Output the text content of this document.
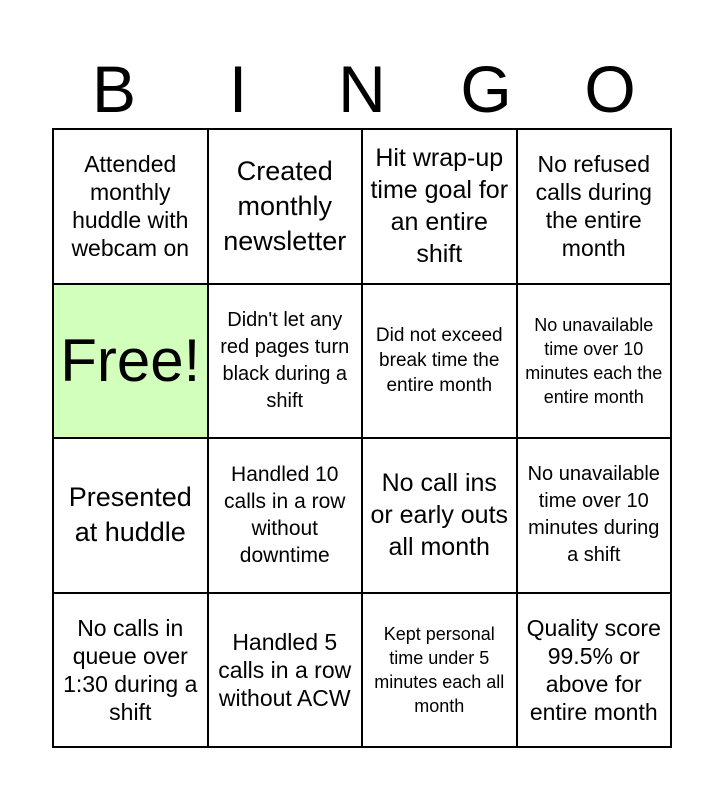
B	I	N	G	O
Attended monthly huddle with webcam on
Created monthly newsletter
Hit wrap-up time goal for an entire shift
No refused calls during the entire month
Free!
Didn't let any red pages turn black during a shift
Did not exceed break time the entire month
No unavailable time over 10 minutes each the entire month
Presented at huddle
Handled 10 calls in a row without downtime
No call ins or early outs all month
No unavailable time over 10 minutes during a shift
No calls in queue over 1:30 during a shift
Handled 5 calls in a row without ACW
Kept personal time under 5 minutes each all month
Quality score 99.5% or above for entire month
